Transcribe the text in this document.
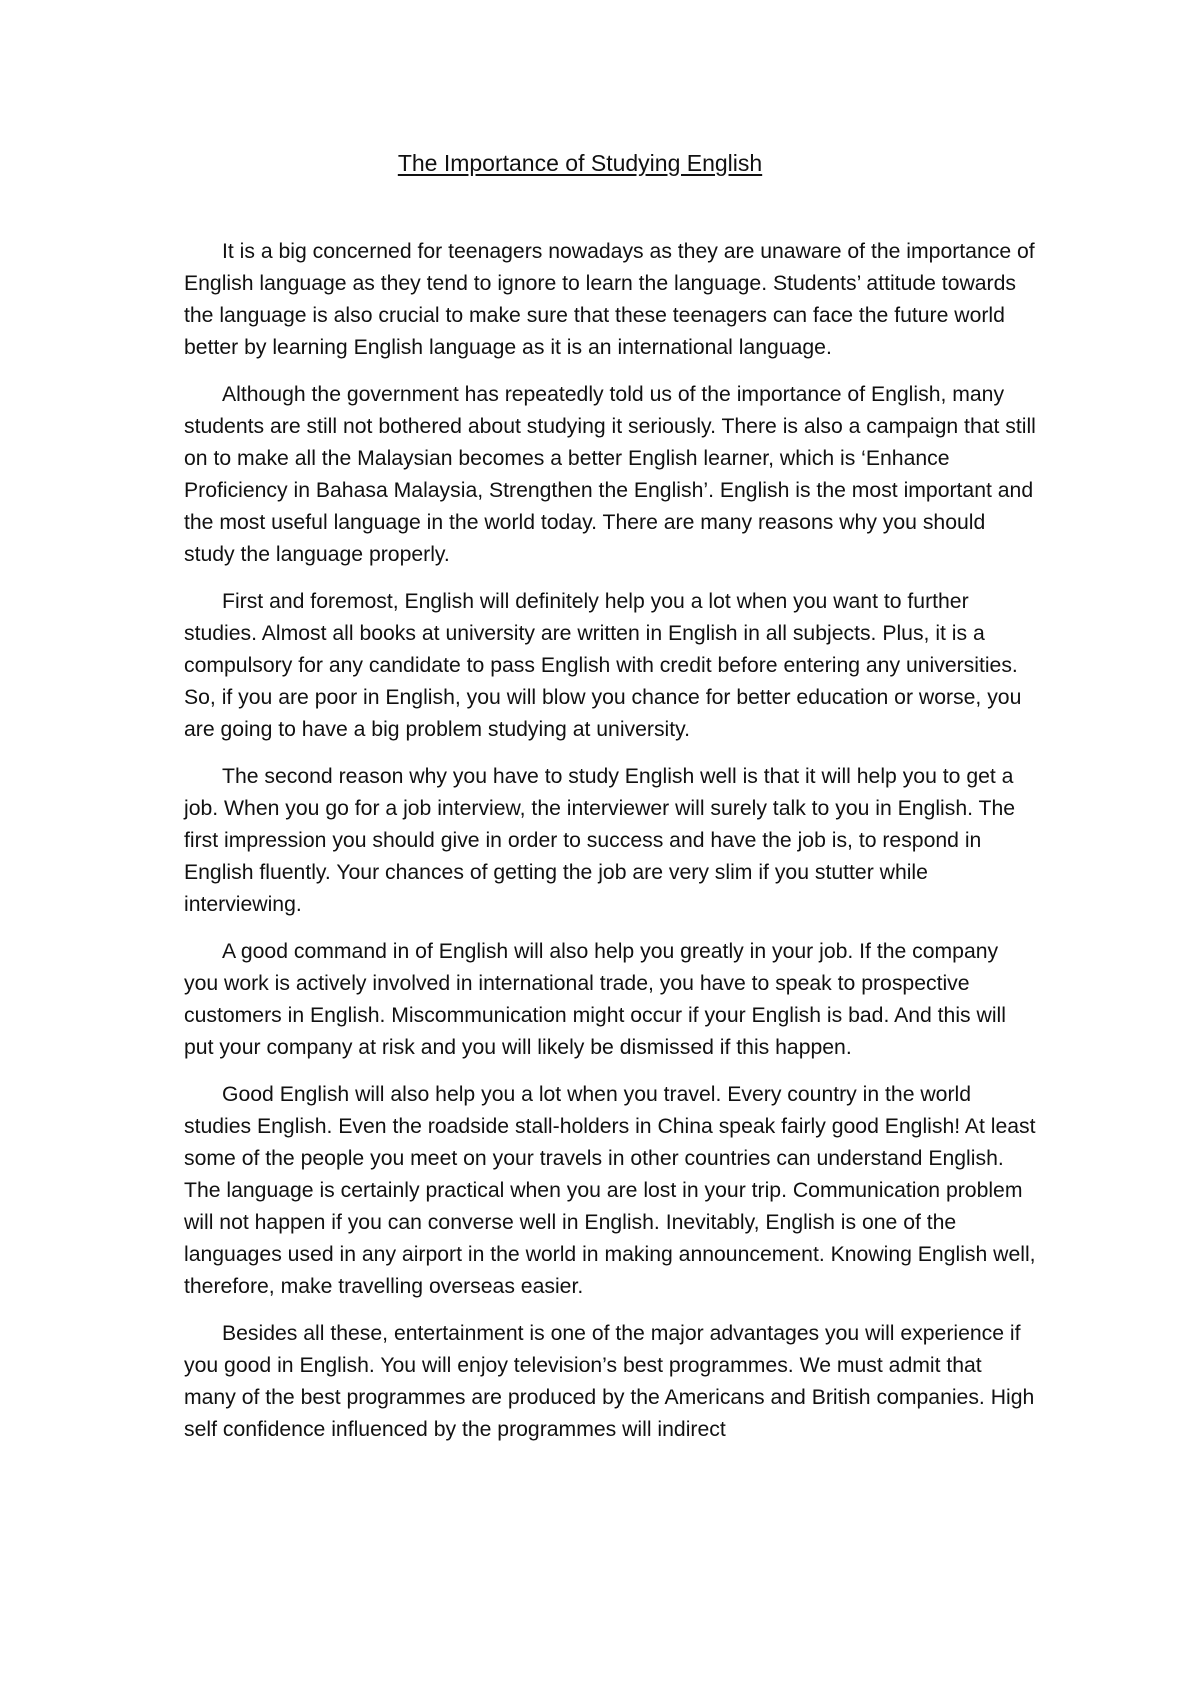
The Importance of Studying English

It is a big concerned for teenagers nowadays as they are unaware of the importance of English language as they tend to ignore to learn the language. Students’ attitude towards the language is also crucial to make sure that these teenagers can face the future world better by learning English language as it is an international language.

Although the government has repeatedly told us of the importance of English, many students are still not bothered about studying it seriously. There is also a campaign that still on to make all the Malaysian becomes a better English learner, which is ‘Enhance Proficiency in Bahasa Malaysia, Strengthen the English’. English is the most important and the most useful language in the world today. There are many reasons why you should study the language properly.

First and foremost, English will definitely help you a lot when you want to further studies. Almost all books at university are written in English in all subjects. Plus, it is a compulsory for any candidate to pass English with credit before entering any universities. So, if you are poor in English, you will blow you chance for better education or worse, you are going to have a big problem studying at university.

The second reason why you have to study English well is that it will help you to get a job. When you go for a job interview, the interviewer will surely talk to you in English. The first impression you should give in order to success and have the job is, to respond in English fluently. Your chances of getting the job are very slim if you stutter while interviewing.

A good command in of English will also help you greatly in your job. If the company you work is actively involved in international trade, you have to speak to prospective customers in English. Miscommunication might occur if your English is bad. And this will put your company at risk and you will likely be dismissed if this happen.

Good English will also help you a lot when you travel. Every country in the world studies English. Even the roadside stall-holders in China speak fairly good English! At least some of the people you meet on your travels in other countries can understand English. The language is certainly practical when you are lost in your trip. Communication problem will not happen if you can converse well in English. Inevitably, English is one of the languages used in any airport in the world in making announcement. Knowing English well, therefore, make travelling overseas easier.

Besides all these, entertainment is one of the major advantages you will experience if you good in English. You will enjoy television’s best programmes. We must admit that many of the best programmes are produced by the Americans and British companies. High self confidence influenced by the programmes will indirect
